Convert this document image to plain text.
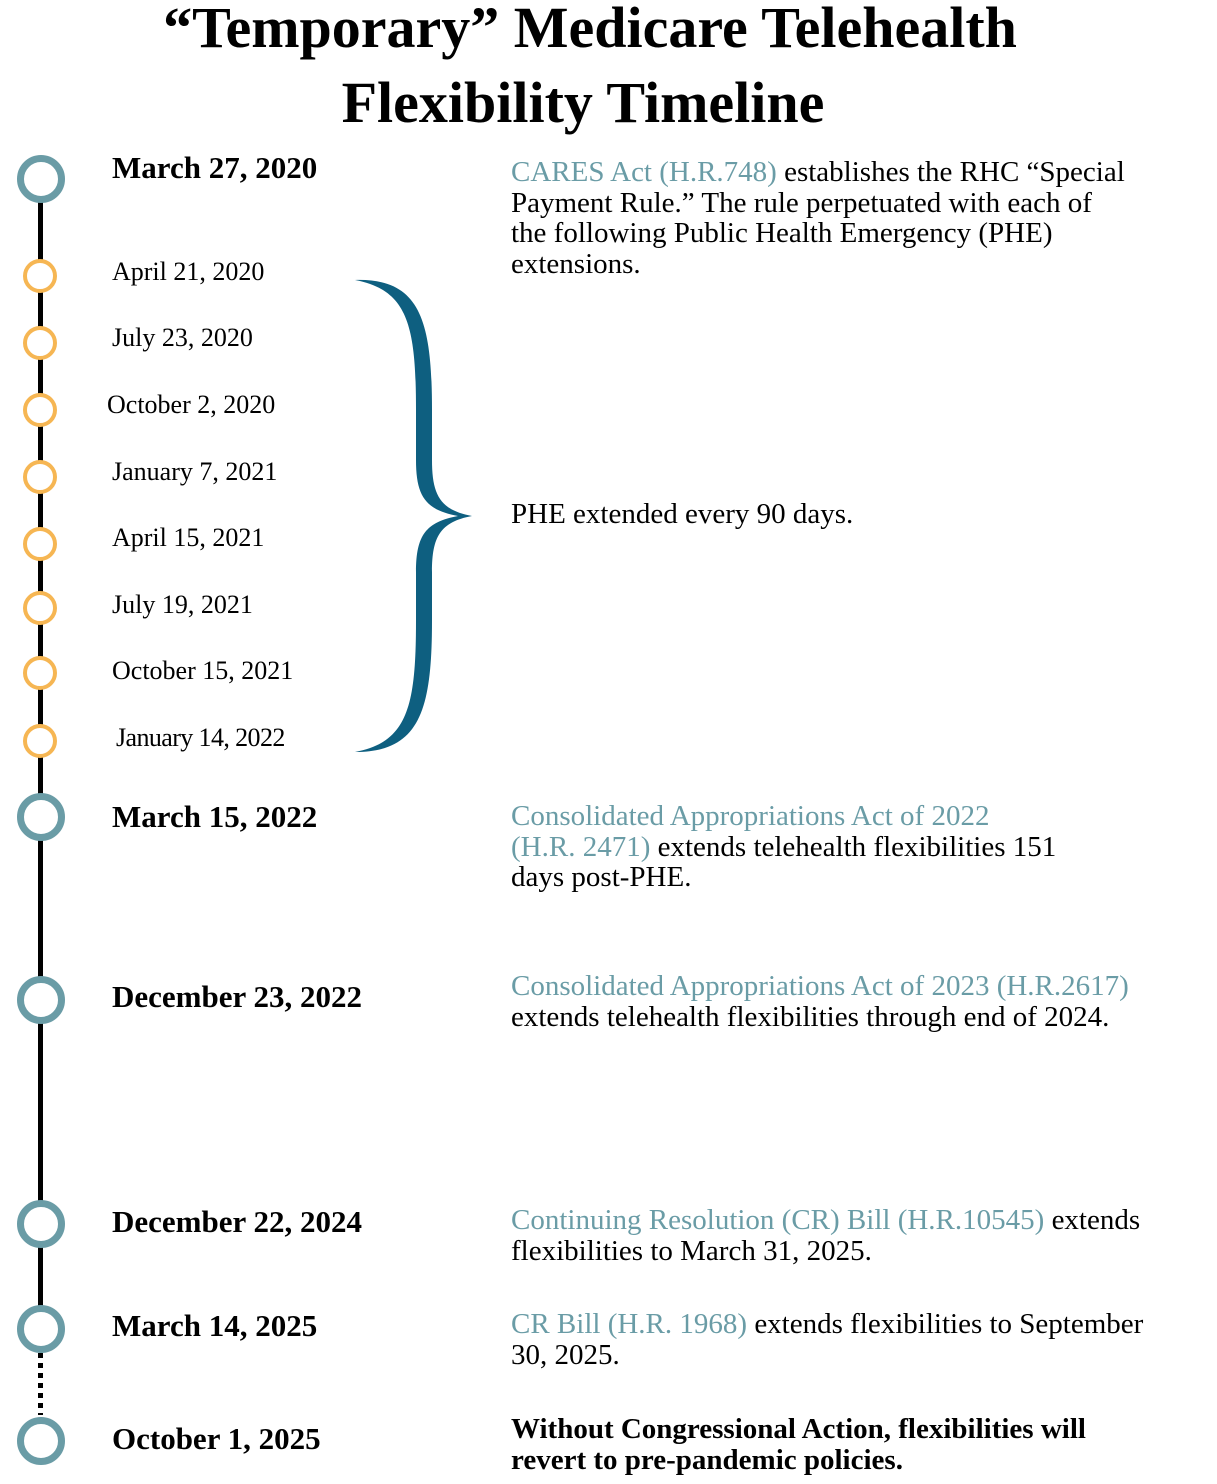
“Temporary” Medicare Telehealth
Flexibility Timeline
March 27, 2020
March 15, 2022
December 23, 2022
December 22, 2024
March 14, 2025
October 1, 2025
April 21, 2020
July 23, 2020
October 2, 2020
January 7, 2021
April 15, 2021
July 19, 2021
October 15, 2021
January 14, 2022
PHE extended every 90 days.
CARES Act (H.R.748) establishes the RHC “Special
Payment Rule.” The rule perpetuated with each of
the following Public Health Emergency (PHE)
extensions.
Consolidated Appropriations Act of 2022
(H.R. 2471) extends telehealth flexibilities 151
days post-PHE.
Consolidated Appropriations Act of 2023 (H.R.2617)
extends telehealth flexibilities through end of 2024.
Continuing Resolution (CR) Bill (H.R.10545) extends
flexibilities to March 31, 2025.
CR Bill (H.R. 1968) extends flexibilities to September
30, 2025.
Without Congressional Action, flexibilities will
revert to pre-pandemic policies.
